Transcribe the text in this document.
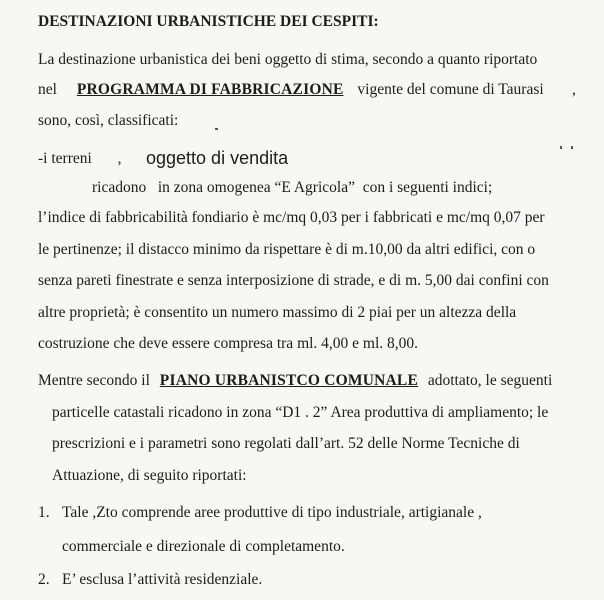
DESTINAZIONI URBANISTICHE DEI CESPITI:
La destinazione urbanistica dei beni oggetto di stima, secondo a quanto riportato
nel PROGRAMMA DI FABBRICAZIONE vigente del comune di Taurasi ,
sono, così, classificati:
-i terreni , oggetto di vendita
ricadono   in zona omogenea “E Agricola”  con i seguenti indici;
l’indice di fabbricabilità fondiario è mc/mq 0,03 per i fabbricati e mc/mq 0,07 per
le pertinenze; il distacco minimo da rispettare è di m.10,00 da altri edifici, con o
senza pareti finestrate e senza interposizione di strade, e di m. 5,00 dai confini con
altre proprietà; è consentito un numero massimo di 2 piai per un altezza della
costruzione che deve essere compresa tra ml. 4,00 e ml. 8,00.
Mentre secondo il PIANO URBANISTCO COMUNALE adottato, le seguenti
particelle catastali ricadono in zona “D1 . 2” Area produttiva di ampliamento; le
prescrizioni e i parametri sono regolati dall’art. 52 delle Norme Tecniche di
Attuazione, di seguito riportati:
1. Tale ,Zto comprende aree produttive di tipo industriale, artigianale ,
commerciale e direzionale di completamento.
2. E’ esclusa l’attività residenziale.
